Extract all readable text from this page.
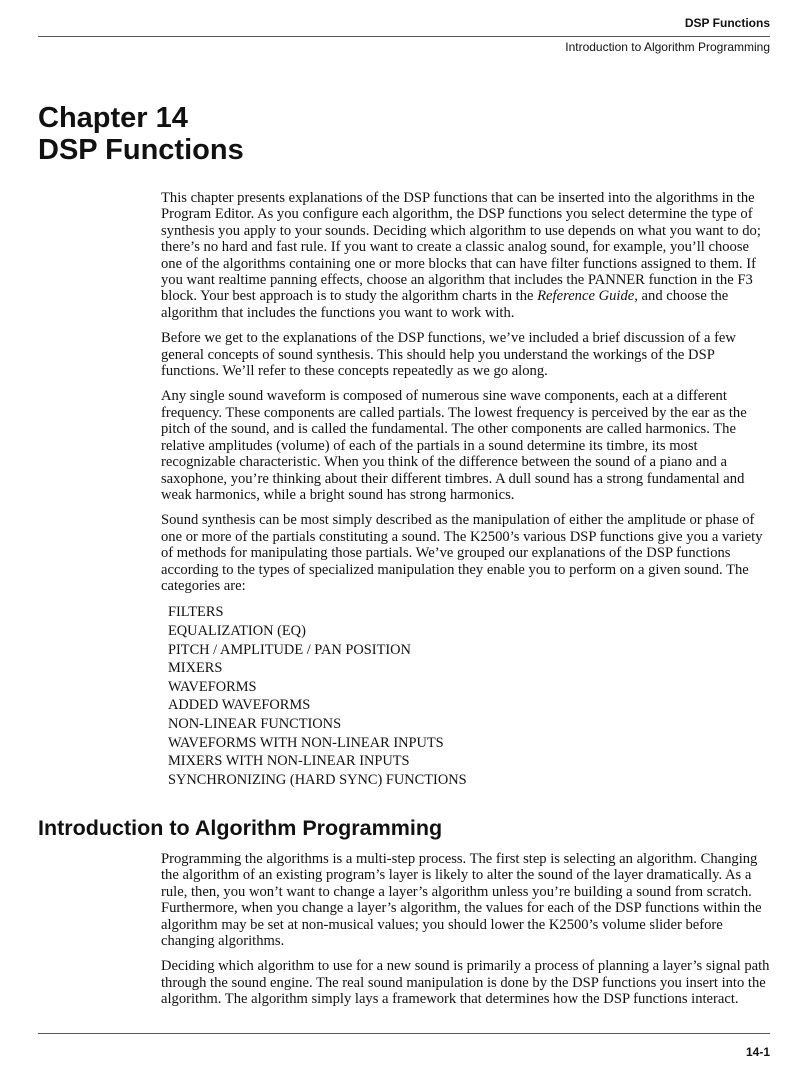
DSP Functions
Introduction to Algorithm Programming
Chapter 14
DSP Functions

This chapter presents explanations of the DSP functions that can be inserted into the algorithms in the Program Editor. As you configure each algorithm, the DSP functions you select determine the type of synthesis you apply to your sounds. Deciding which algorithm to use depends on what you want to do; there’s no hard and fast rule. If you want to create a classic analog sound, for example, you’ll choose one of the algorithms containing one or more blocks that can have filter functions assigned to them. If you want realtime panning effects, choose an algorithm that includes the PANNER function in the F3 block. Your best approach is to study the algorithm charts in the Reference Guide, and choose the algorithm that includes the functions you want to work with.

Before we get to the explanations of the DSP functions, we’ve included a brief discussion of a few general concepts of sound synthesis. This should help you understand the workings of the DSP functions. We’ll refer to these concepts repeatedly as we go along.

Any single sound waveform is composed of numerous sine wave components, each at a different frequency. These components are called partials. The lowest frequency is perceived by the ear as the pitch of the sound, and is called the fundamental. The other components are called harmonics. The relative amplitudes (volume) of each of the partials in a sound determine its timbre, its most recognizable characteristic. When you think of the difference between the sound of a piano and a saxophone, you’re thinking about their different timbres. A dull sound has a strong fundamental and weak harmonics, while a bright sound has strong harmonics.

Sound synthesis can be most simply described as the manipulation of either the amplitude or phase of one or more of the partials constituting a sound. The K2500’s various DSP functions give you a variety of methods for manipulating those partials. We’ve grouped our explanations of the DSP functions according to the types of specialized manipulation they enable you to perform on a given sound. The categories are:

FILTERS
EQUALIZATION (EQ)
PITCH / AMPLITUDE / PAN POSITION
MIXERS
WAVEFORMS
ADDED WAVEFORMS
NON-LINEAR FUNCTIONS
WAVEFORMS WITH NON-LINEAR INPUTS
MIXERS WITH NON-LINEAR INPUTS
SYNCHRONIZING (HARD SYNC) FUNCTIONS
Introduction to Algorithm Programming

Programming the algorithms is a multi-step process. The first step is selecting an algorithm. Changing the algorithm of an existing program’s layer is likely to alter the sound of the layer dramatically. As a rule, then, you won’t want to change a layer’s algorithm unless you’re building a sound from scratch. Furthermore, when you change a layer’s algorithm, the values for each of the DSP functions within the algorithm may be set at non-musical values; you should lower the K2500’s volume slider before changing algorithms.

Deciding which algorithm to use for a new sound is primarily a process of planning a layer’s signal path through the sound engine. The real sound manipulation is done by the DSP functions you insert into the algorithm. The algorithm simply lays a framework that determines how the DSP functions interact.

14-1
